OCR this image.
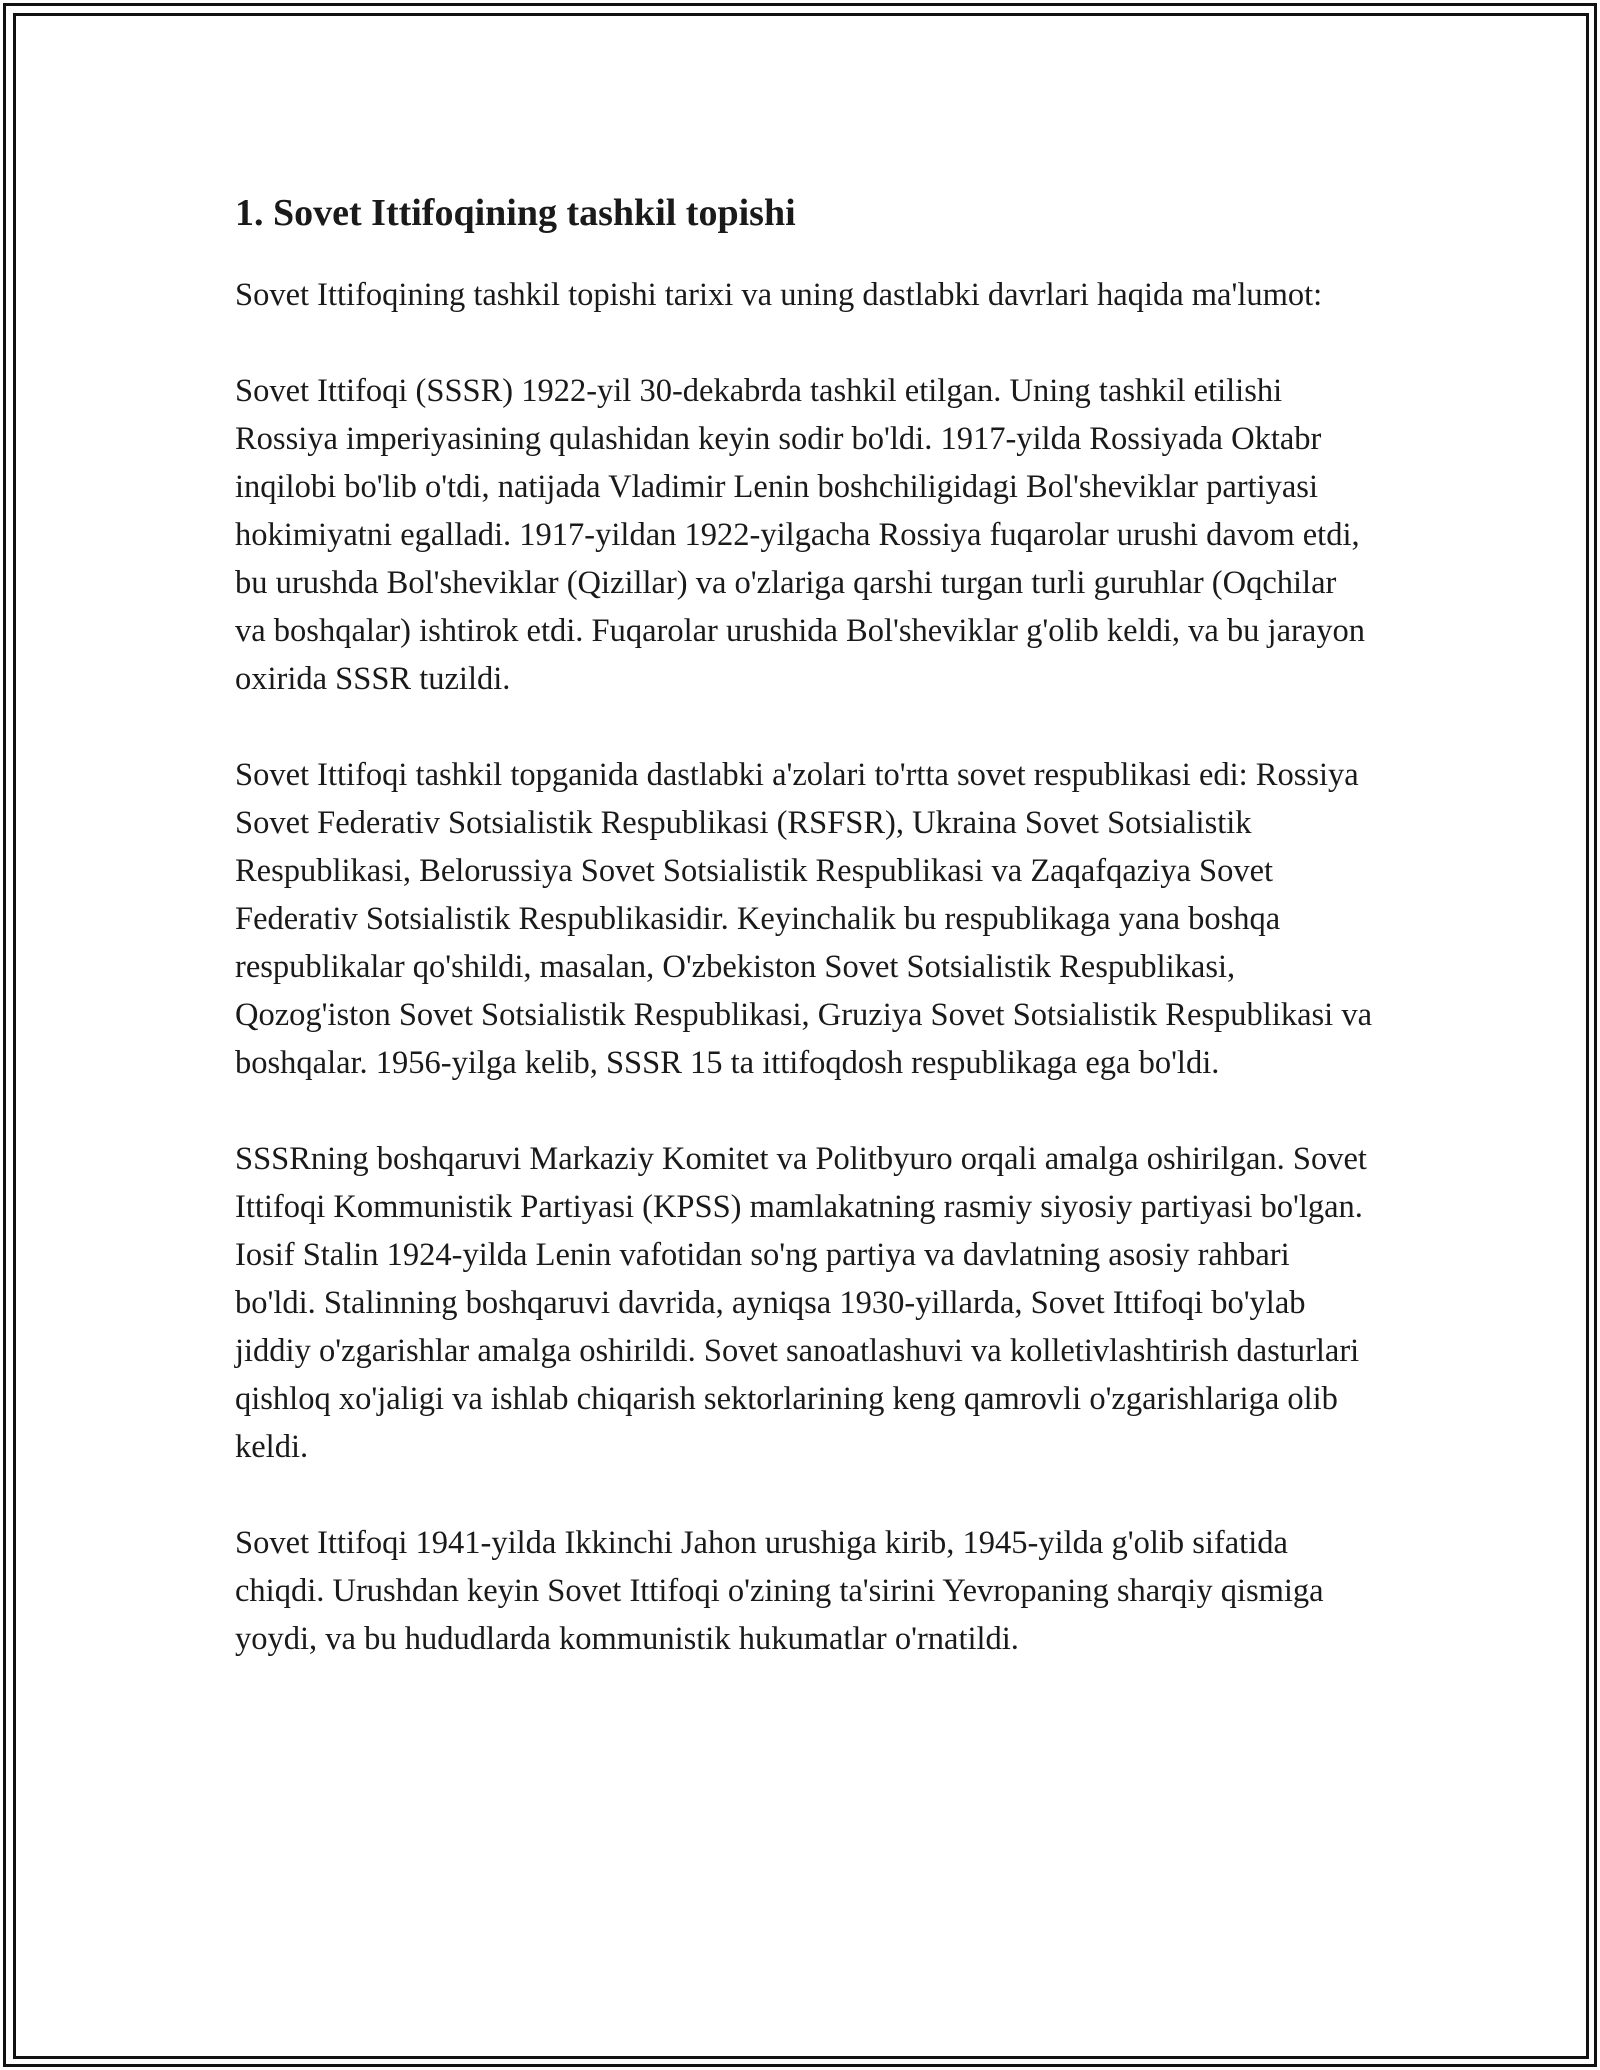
1. Sovet Ittifoqining tashkil topishi

Sovet Ittifoqining tashkil topishi tarixi va uning dastlabki davrlari haqida ma'lumot:

Sovet Ittifoqi (SSSR) 1922-yil 30-dekabrda tashkil etilgan. Uning tashkil etilishi Rossiya imperiyasining qulashidan keyin sodir bo'ldi. 1917-yilda Rossiyada Oktabr inqilobi bo'lib o'tdi, natijada Vladimir Lenin boshchiligidagi Bol'sheviklar partiyasi hokimiyatni egalladi. 1917-yildan 1922-yilgacha Rossiya fuqarolar urushi davom etdi, bu urushda Bol'sheviklar (Qizillar) va o'zlariga qarshi turgan turli guruhlar (Oqchilar va boshqalar) ishtirok etdi. Fuqarolar urushida Bol'sheviklar g'olib keldi, va bu jarayon oxirida SSSR tuzildi.

Sovet Ittifoqi tashkil topganida dastlabki a'zolari to'rtta sovet respublikasi edi: Rossiya Sovet Federativ Sotsialistik Respublikasi (RSFSR), Ukraina Sovet Sotsialistik Respublikasi, Belorussiya Sovet Sotsialistik Respublikasi va Zaqafqaziya Sovet Federativ Sotsialistik Respublikasidir. Keyinchalik bu respublikaga yana boshqa respublikalar qo'shildi, masalan, O'zbekiston Sovet Sotsialistik Respublikasi, Qozog'iston Sovet Sotsialistik Respublikasi, Gruziya Sovet Sotsialistik Respublikasi va boshqalar. 1956-yilga kelib, SSSR 15 ta ittifoqdosh respublikaga ega bo'ldi.

SSSRning boshqaruvi Markaziy Komitet va Politbyuro orqali amalga oshirilgan. Sovet Ittifoqi Kommunistik Partiyasi (KPSS) mamlakatning rasmiy siyosiy partiyasi bo'lgan. Iosif Stalin 1924-yilda Lenin vafotidan so'ng partiya va davlatning asosiy rahbari bo'ldi. Stalinning boshqaruvi davrida, ayniqsa 1930-yillarda, Sovet Ittifoqi bo'ylab jiddiy o'zgarishlar amalga oshirildi. Sovet sanoatlashuvi va kolletivlashtirish dasturlari qishloq xo'jaligi va ishlab chiqarish sektorlarining keng qamrovli o'zgarishlariga olib keldi.

Sovet Ittifoqi 1941-yilda Ikkinchi Jahon urushiga kirib, 1945-yilda g'olib sifatida chiqdi. Urushdan keyin Sovet Ittifoqi o'zining ta'sirini Yevropaning sharqiy qismiga yoydi, va bu hududlarda kommunistik hukumatlar o'rnatildi.
